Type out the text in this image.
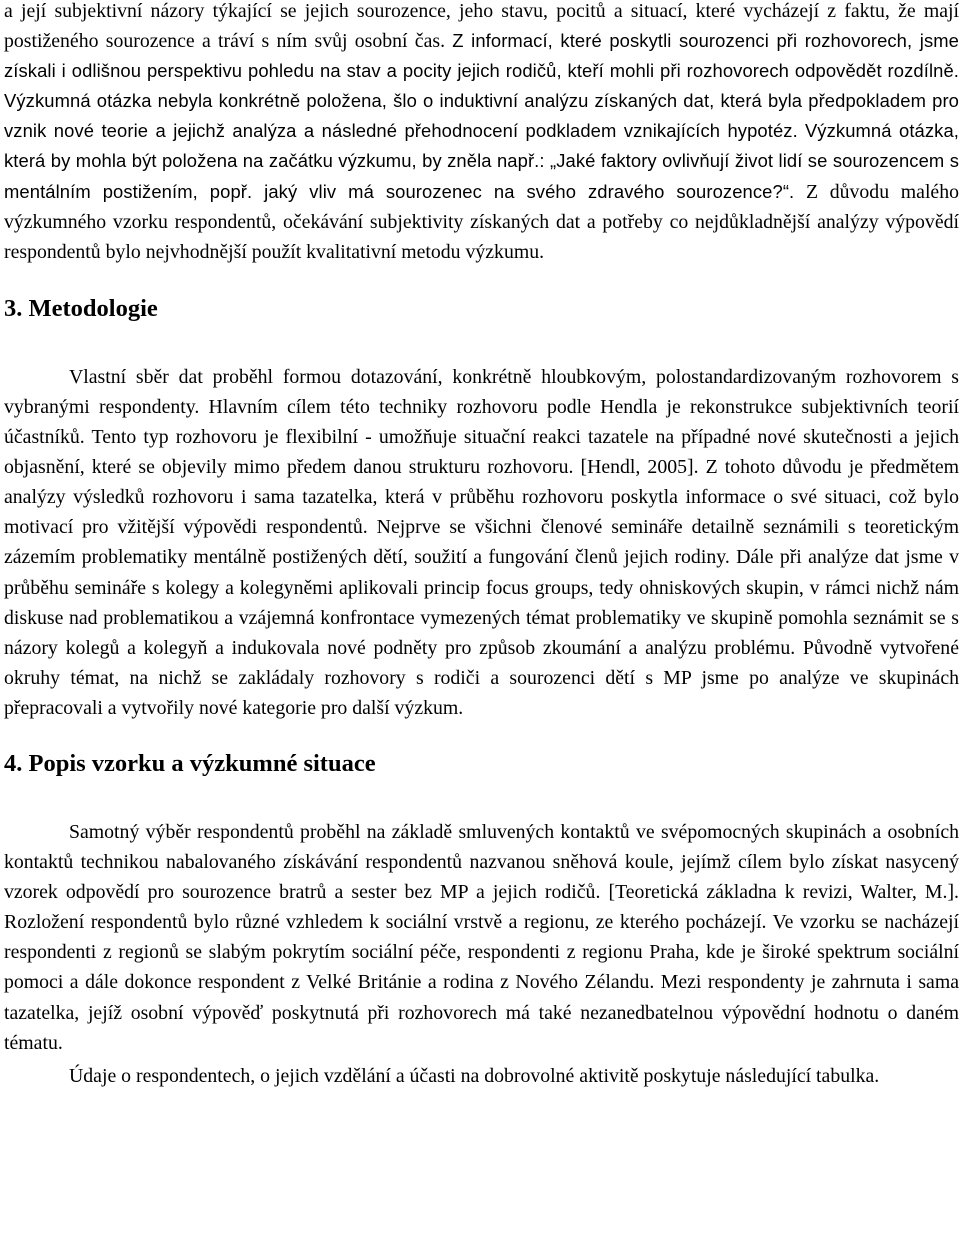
a její subjektivní názory týkající se jejich sourozence, jeho stavu, pocitů a situací, které vycházejí z faktu, že mají postiženého sourozence a tráví s ním svůj osobní čas. Z informací, které poskytli sourozenci při rozhovorech, jsme získali i odlišnou perspektivu pohledu na stav a pocity jejich rodičů, kteří mohli při rozhovorech odpovědět rozdílně. Výzkumná otázka nebyla konkrétně položena, šlo o induktivní analýzu získaných dat, která byla předpokladem pro vznik nové teorie a jejichž analýza a následné přehodnocení podkladem vznikajících hypotéz. Výzkumná otázka, která by mohla být položena na začátku výzkumu, by zněla např.: „Jaké faktory ovlivňují život lidí se sourozencem s mentálním postižením, popř. jaký vliv má sourozenec na svého zdravého sourozence?“. Z důvodu malého výzkumného vzorku respondentů, očekávání subjektivity získaných dat a potřeby co nejdůkladnější analýzy výpovědí respondentů bylo nejvhodnější použít kvalitativní metodu výzkumu.

3. Metodologie

Vlastní sběr dat proběhl formou dotazování, konkrétně hloubkovým, polostandardizovaným rozhovorem s vybranými respondenty. Hlavním cílem této techniky rozhovoru podle Hendla je rekonstrukce subjektivních teorií účastníků. Tento typ rozhovoru je flexibilní - umožňuje situační reakci tazatele na případné nové skutečnosti a jejich objasnění, které se objevily mimo předem danou strukturu rozhovoru. [Hendl, 2005]. Z tohoto důvodu je předmětem analýzy výsledků rozhovoru i sama tazatelka, která v průběhu rozhovoru poskytla informace o své situaci, což bylo motivací pro vžitější výpovědi respondentů. Nejprve se všichni členové semináře detailně seznámili s teoretickým zázemím problematiky mentálně postižených dětí, soužití a fungování členů jejich rodiny. Dále při analýze dat jsme v průběhu semináře s kolegy a kolegyněmi aplikovali princip focus groups, tedy ohniskových skupin, v rámci nichž nám diskuse nad problematikou a vzájemná konfrontace vymezených témat problematiky ve skupině pomohla seznámit se s názory kolegů a kolegyň a indukovala nové podněty pro způsob zkoumání a analýzu problému. Původně vytvořené okruhy témat, na nichž se zakládaly rozhovory s rodiči a sourozenci dětí s MP jsme po analýze ve skupinách přepracovali a vytvořily nové kategorie pro další výzkum.

4. Popis vzorku a výzkumné situace

Samotný výběr respondentů proběhl na základě smluvených kontaktů ve svépomocných skupinách a osobních kontaktů technikou nabalovaného získávání respondentů nazvanou sněhová koule, jejímž cílem bylo získat nasycený vzorek odpovědí pro sourozence bratrů a sester bez MP a jejich rodičů. [Teoretická základna k revizi, Walter, M.]. Rozložení respondentů bylo různé vzhledem k sociální vrstvě a regionu, ze kterého pocházejí. Ve vzorku se nacházejí respondenti z regionů se slabým pokrytím sociální péče, respondenti z regionu Praha, kde je široké spektrum sociální pomoci a dále dokonce respondent z Velké Británie a rodina z Nového Zélandu. Mezi respondenty je zahrnuta i sama tazatelka, jejíž osobní výpověď poskytnutá při rozhovorech má také nezanedbatelnou výpovědní hodnotu o daném tématu.

Údaje o respondentech, o jejich vzdělání a účasti na dobrovolné aktivitě poskytuje následující tabulka.
